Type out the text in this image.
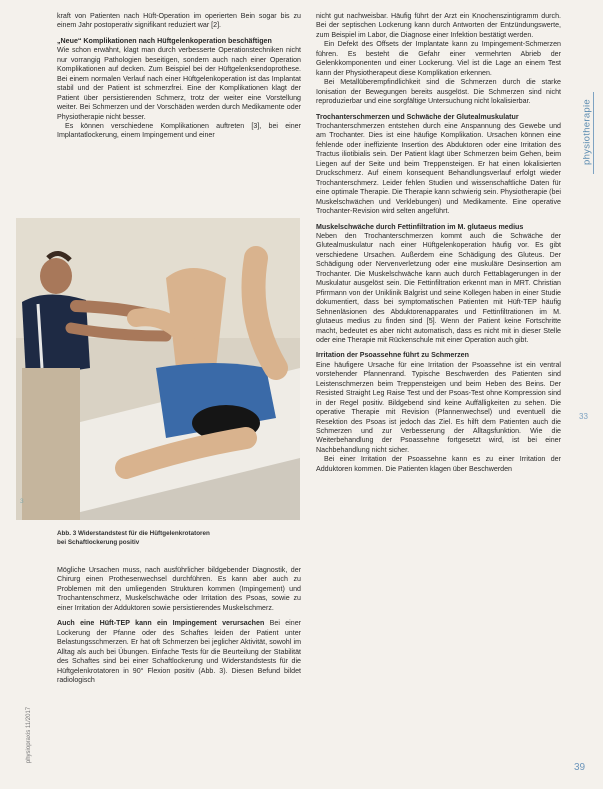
kraft von Patienten nach Hüft-Operation im operierten Bein sogar bis zu einem Jahr postoperativ signifikant reduziert war [2].

„Neue“ Komplikationen nach Hüftgelenkoperation beschäftigen

Wie schon erwähnt, klagt man durch verbesserte Operationstechniken nicht nur vorrangig Pathologien beseitigen, sondern auch nach einer Operation Komplikationen auf decken. Zum Beispiel bei der Hüftgelenksendoprothese. Bei einem normalen Verlauf nach einer Hüftgelenkoperation ist das Implantat stabil und der Patient ist schmerzfrei. Eine der Komplikationen klagt der Patient über persistierenden Schmerz, trotz der weiter eine Vorstellung weiter. Bei Schmerzen und der Vorschäden werden durch Medikamente oder Physiotherapie nicht besser.

Es können verschiedene Komplikationen auftreten [3], bei einer Implantatlockerung, einem Impingement und einer

3
Abb. 3 Widerstandstest für die Hüftgelenkrotatoren bei Schaftlockerung positiv

Mögliche Ursachen muss, nach ausführlicher bildgebender Diagnostik, der Chirurg einen Prothesenwechsel durchführen. Es kann aber auch zu Problemen mit den umliegenden Strukturen kommen (Impingement) und Trochantenschmerz, Muskelschwäche oder Irritation des Psoas, sowie zu einer Irritation der Adduktoren sowie persistierendes Muskelschmerz.

Auch eine Hüft-TEP kann ein Impingement verursachen Bei einer Lockerung der Pfanne oder des Schaftes leiden der Patient unter Belastungsschmerzen. Er hat oft Schmerzen bei jeglicher Aktivität, sowohl im Alltag als auch bei Übungen. Einfache Tests für die Beurteilung der Stabilität des Schaftes sind bei einer Schaftlockerung und Widerstandstests für die Hüftgelenkrotatoren in 90° Flexion positiv (Abb. 3). Diesen Befund bildet radiologisch

nicht gut nachweisbar. Häufig führt der Arzt ein Knochenszintigramm durch. Bei der septischen Lockerung kann durch Antworten der Entzündungswerte, zum Beispiel im Labor, die Diagnose einer Infektion bestätigt werden.

Ein Defekt des Offsets der Implantate kann zu Impingement-Schmerzen führen. Es besteht die Gefahr einer vermehrten Abrieb der Gelenkkomponenten und einer Lockerung. Viel ist die Lage an einem Test kann der Physiotherapeut diese Komplikation erkennen.

Bei Metallüberempfindlichkeit sind die Schmerzen durch die starke Ionisation der Bewegungen bereits ausgelöst. Die Schmerzen sind nicht reproduzierbar und eine sorgfältige Untersuchung nicht lokalisierbar.

Trochanterschmerzen und Schwäche der Glutealmuskulatur

Trochanterschmerzen entstehen durch eine Anspannung des Gewebe und am Trochanter. Dies ist eine häufige Komplikation. Ursachen können eine fehlende oder ineffiziente Insertion des Abduktoren oder eine Irritation des Tractus iliotibialis sein. Der Patient klagt über Schmerzen beim Gehen, beim Liegen auf der Seite und beim Treppensteigen. Er hat einen lokalisierten Druckschmerz. Auf einem konsequent Behandlungsverlauf erfolgt wieder Trochanterschmerz. Leider fehlen Studien und wissenschaftliche Daten für eine optimale Therapie. Die Therapie kann schwierig sein. Physiotherapie (bei Muskelschwächen und Verklebungen) und Medikamente. Eine operative Trochanter-Revision wird selten angeführt.

Muskelschwäche durch Fettinfiltration im M. glutaeus medius

Neben den Trochanterschmerzen kommt auch die Schwäche der Glutealmuskulatur nach einer Hüftgelenkoperation häufig vor. Es gibt verschiedene Ursachen. Außerdem eine Schädigung des Gluteus. Der Schädigung oder Nervenverletzung oder eine muskuläre Desinsertion am Trochanter. Die Muskelschwäche kann auch durch Fettablagerungen in der Muskulatur ausgelöst sein. Die Fettinfiltration erkennt man in MRT. Christian Pfirrmann von der Uniklinik Balgrist und seine Kollegen haben in einer Studie dokumentiert, dass bei symptomatischen Patienten mit Hüft-TEP häufig Sehnenläsionen des Abduktorenapparates und Fettinfiltrationen im M. glutaeus medius zu finden sind [5]. Wenn der Patient keine Fortschritte macht, bedeutet es aber nicht automatisch, dass es nicht mit in dieser Stelle oder eine Therapie mit Rückenschule mit einer Operation auch gibt.

Irritation der Psoassehne führt zu Schmerzen

Eine häufigere Ursache für eine Irritation der Psoassehne ist ein ventral vorstehender Pfannenrand. Typische Beschwerden des Patienten sind Leistenschmerzen beim Treppensteigen und beim Heben des Beins. Der Resisted Straight Leg Raise Test und der Psoas-Test ohne Kompression sind in der Regel positiv. Bildgebend sind keine Auffälligkeiten zu sehen. Die operative Therapie mit Revision (Pfannenwechsel) und eventuell die Resektion des Psoas ist jedoch das Ziel. Es hilft dem Patienten auch die Schmerzen und zur Verbesserung der Alltagsfunktion. Wie die Weiterbehandlung der Psoassehne fortgesetzt wird, ist bei einer Nachbehandlung nicht sicher.

Bei einer Irritation der Psoassehne kann es zu einer Irritation der Adduktoren kommen. Die Patienten klagen über Beschwerden

physiotherapie
33
physiopraxis 11/2017
39
